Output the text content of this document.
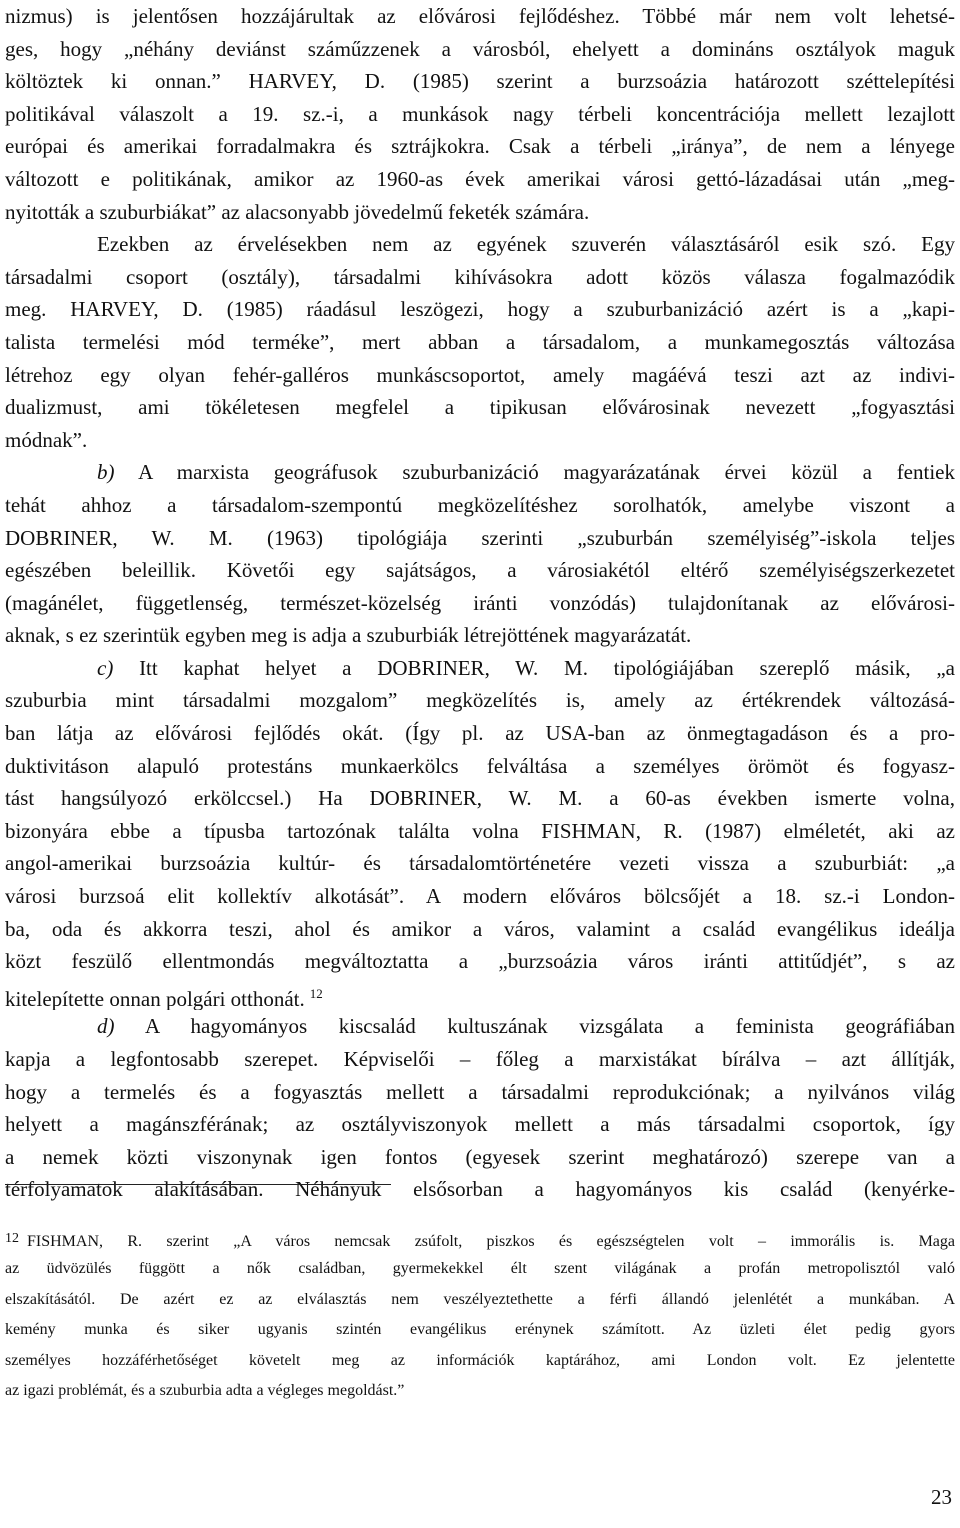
nizmus) is jelentősen hozzájárultak az elővárosi fejlődéshez. Többé már nem volt lehetsé-
ges, hogy „néhány deviánst száműzzenek a városból, ehelyett a domináns osztályok maguk
költöztek ki onnan.” HARVEY, D. (1985) szerint a burzsoázia határozott széttelepítési
politikával válaszolt a 19. sz.-i, a munkások nagy térbeli koncentrációja mellett lezajlott
európai és amerikai forradalmakra és sztrájkokra. Csak a térbeli „iránya”, de nem a lényege
változott e politikának, amikor az 1960-as évek amerikai városi gettó-lázadásai után „meg-
nyitották a szuburbiákat” az alacsonyabb jövedelmű feketék számára.
Ezekben az érvelésekben nem az egyének szuverén választásáról esik szó. Egy
társadalmi csoport (osztály), társadalmi kihívásokra adott közös válasza fogalmazódik
meg. HARVEY, D. (1985) ráadásul leszögezi, hogy a szuburbanizáció azért is a „kapi-
talista termelési mód terméke”, mert abban a társadalom, a munkamegosztás változása
létrehoz egy olyan fehér-galléros munkáscsoportot, amely magáévá teszi azt az indivi-
dualizmust, ami tökéletesen megfelel a tipikusan elővárosinak nevezett „fogyasztási
módnak”.
b) A marxista geográfusok szuburbanizáció magyarázatának érvei közül a fentiek
tehát ahhoz a társadalom-szempontú megközelítéshez sorolhatók, amelybe viszont a
DOBRINER, W. M. (1963) tipológiája szerinti „szuburbán személyiség”-iskola teljes
egészében beleillik. Követői egy sajátságos, a városiakétól eltérő személyiségszerkezetet
(magánélet, függetlenség, természet-közelség iránti vonzódás) tulajdonítanak az elővárosi-
aknak, s ez szerintük egyben meg is adja a szuburbiák létrejöttének magyarázatát.
c) Itt kaphat helyet a DOBRINER, W. M. tipológiájában szereplő másik, „a
szuburbia mint társadalmi mozgalom” megközelítés is, amely az értékrendek változásá-
ban látja az elővárosi fejlődés okát. (Így pl. az USA-ban az önmegtagadáson és a pro-
duktivitáson alapuló protestáns munkaerkölcs felváltása a személyes örömöt és fogyasz-
tást hangsúlyozó erkölccsel.) Ha DOBRINER, W. M. a 60-as években ismerte volna,
bizonyára ebbe a típusba tartozónak találta volna FISHMAN, R. (1987) elméletét, aki az
angol-amerikai burzsoázia kultúr- és társadalomtörténetére vezeti vissza a szuburbiát: „a
városi burzsoá elit kollektív alkotását”. A modern előváros bölcsőjét a 18. sz.-i London-
ba, oda és akkorra teszi, ahol és amikor a város, valamint a család evangélikus ideálja
közt feszülő ellentmondás megváltoztatta a „burzsoázia város iránti attitűdjét”, s az
kitelepítette onnan polgári otthonát. $^{12}$
d) A hagyományos kiscsalád kultuszának vizsgálata a feminista geográfiában
kapja a legfontosabb szerepet. Képviselői – főleg a marxistákat bírálva – azt állítják,
hogy a termelés és a fogyasztás mellett a társadalmi reprodukciónak; a nyilvános világ
helyett a magánszférának; az osztályviszonyok mellett a más társadalmi csoportok, így
a nemek közti viszonynak igen fontos (egyesek szerint meghatározó) szerepe van a
térfolyamatok alakításában. Néhányuk elsősorban a hagyományos kis család (kenyérke-
12 FISHMAN, R. szerint „A város nemcsak zsúfolt, piszkos és egészségtelen volt – immorális is. Maga
az üdvözülés függött a nők családban, gyermekekkel élt szent világának a profán metropolisztól való
elszakításától. De azért ez az elválasztás nem veszélyeztethette a férfi állandó jelenlétét a munkában. A
kemény munka és siker ugyanis szintén evangélikus erénynek számított. Az üzleti élet pedig gyors
személyes hozzáférhetőséget követelt meg az információk kaptárához, ami London volt. Ez jelentette
az igazi problémát, és a szuburbia adta a végleges megoldást.”
23
